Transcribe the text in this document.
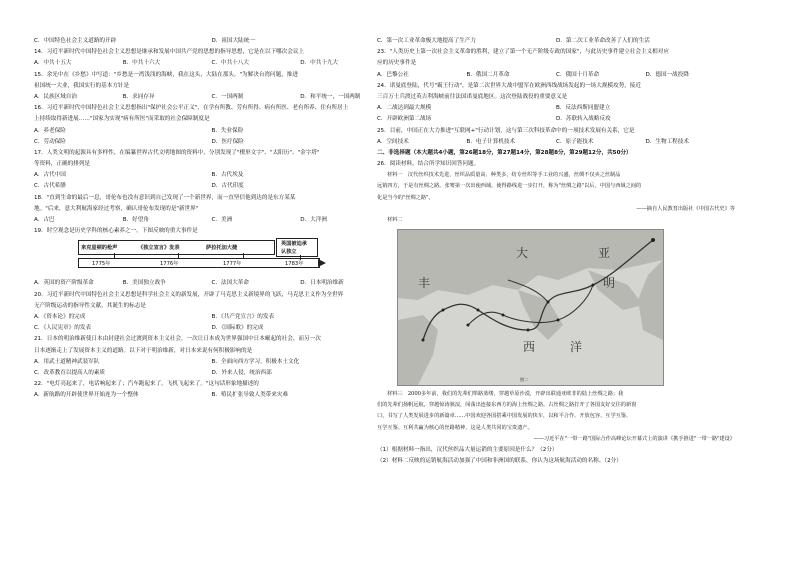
C．中国特色社会主义道路的开辟	D．祖国大陆统一
14．习近平新时代中国特色社会主义思想是继承和发展中国共产党的思想的指导思想，它是在以下哪次会议上
A．中共十五大	B．中共十六大	C．中共十八大	D．中共十九大
15．余光中在《乡愁》中写道："乡愁是一湾浅浅的海峡，我在这头，大陆在那头。"为解决台湾问题，推进
祖国统一大业，我国实行的基本方针是
A．民族区域自治	B．求同存异	C．一国两制	D．和平统一，一国两制
16．习近平新时代中国特色社会主义思想指出"保护社会公平正义"，在学有所教、劳有所得、病有所医、老有所养、住有所居上
上持续取得新进展……"国家为实现"病有所医"而采取的社会保障制度是
A．养老保险	B．失业保险
C．劳动保险	D．医疗保险
17．人类文明的起源具有多样性，在编纂世界古代文明地图的资料中，分别发现了"楔形文字"、"太阳历"、"金字塔"
等资料，正确的排列是
A．古代中国	B．古代埃及
C．古代希腊	D．古代印度
18．"直到生命的最后一息，哥伦布也没有意识到自己发现了一个新世界，而一直坚信他到达的是东方某某
地。"后来，意大利航海家经过考察，确认哥伦布发现的是"新世界"
A．古巴	B．好望角	C．美洲	D．大洋洲
19．时空观念是历史学科的核心素养之一。下图反映的重大事件是
来克星顿的枪声	《独立宣言》发表	萨拉托加大捷
英国被迫承
认独立
1775年	1776年	1777年	1783年
A．英国的资产阶级革命	B．美国独立战争	C．法国大革命	D．日本明治维新
20．习近平新时代中国特色社会主义思想是科学社会主义的新发展，开辟了马克思主义新境界的飞跃，马克思主义作为全世界
无产阶级运动的指导性文献，其诞生的标志是
A．《资本论》的完成	B．《共产党宣言》的发表
C．《人民宪章》的发表	D．《国际歌》的完成
21．日本的明治维新使日本由封建社会过渡到资本主义社会，一次让日本成为世界强国中日本崛起的社会，而另一次
日本逐渐走上了发展资本主义的道路。以下对于明治维新，对日本来说有何积极影响的是
A．用武士道精神武装军队	B．全面向西方学习，积极本土文化
C．改革教育以提高人的素质	D．外来人侵，统治西部
22．"电灯亮起来了，电话响起来了；汽车跑起来了，飞机飞起来了。"这句话形象地描述的
A．新航路的开辟使世界开始连为一个整体	B．殖民扩张导致人类带来灾难
C．第一次工业革命极大地提高了生产力	D．第二次工业革命改善了人们的生活
23．"人类历史上第一次社会主义革命的胜利，建立了第一个无产阶级专政的国家"，与此历史事件建立社会主义相对应
应的历史事件是
A．巴黎公社	B．俄国二月革命	C．俄国十月革命	D．德国一战投降
24．诺曼底登陆，代号"霸王行动"，是第二次世界大战中盟军在欧洲西线战场发起的一场大规模攻势，接近
三百万士兵渡过英吉利海峡前往法国诺曼底地区。这次登陆战役的重要意义是
A．二战达到最大规模	B．反法西斯同盟建立
C．开辟欧洲第二战场	D．苏联转入战略反攻
25．目前，中国正在大力推进"互联网+"行动计划，这与第三次科技革命中的一项技术发展有关系，它是
A．空间技术	B．电子计算机技术	C．原子能技术	D．生物工程技术
二、非选择题（本大题共4小题，第26题18分，第27题14分，第28题8分，第29题12分，共50分）
26．阅读材料，结合所学知识回答问题。
材料一　汉代丝织技术先进，丝织品质量高、种类多，纺专丝织等手工业的兴盛，丝绸不仅卖之丝制品
远销四方，于是有丝绸之路。张骞第一次出使西域，使得路线进一步打开，称为"丝绸之路"以后，中国与西域之间的
化是当今的"丝绸之路"。
——摘自人民教育出版社《中国古代史》等
材料二
丰
大	亚
明
西	洋
图二
材料三　2000多年前，我们的先辈们筚路蓝缕，穿越草原沙漠，开辟出联通亚欧非的陆上丝绸之路；我
们的先辈们扬帆远航，穿越惊涛骇浪，闯荡出连接东西方的海上丝绸之路。古丝绸之路打开了各国友好交往的新窗
口，书写了人类发展进步的新篇章……中国欢迎各国搭乘中国发展的快车，以和平合作、开放包容、互学互鉴、
互学互鉴、互利共赢为核心的丝路精神，这是人类共同的宝贵遗产。
——习近平在"一带一路"国际合作高峰论坛开幕式上的演讲《携手推进"一带一路"建设》
（1）根据材料一指出，汉代丝织品大量运销的主要原因是什么？（2分）
（2）材料二反映的运销航海活动加强了中国和非洲国的联系，你认为这场航海活动的名称。（2分）
